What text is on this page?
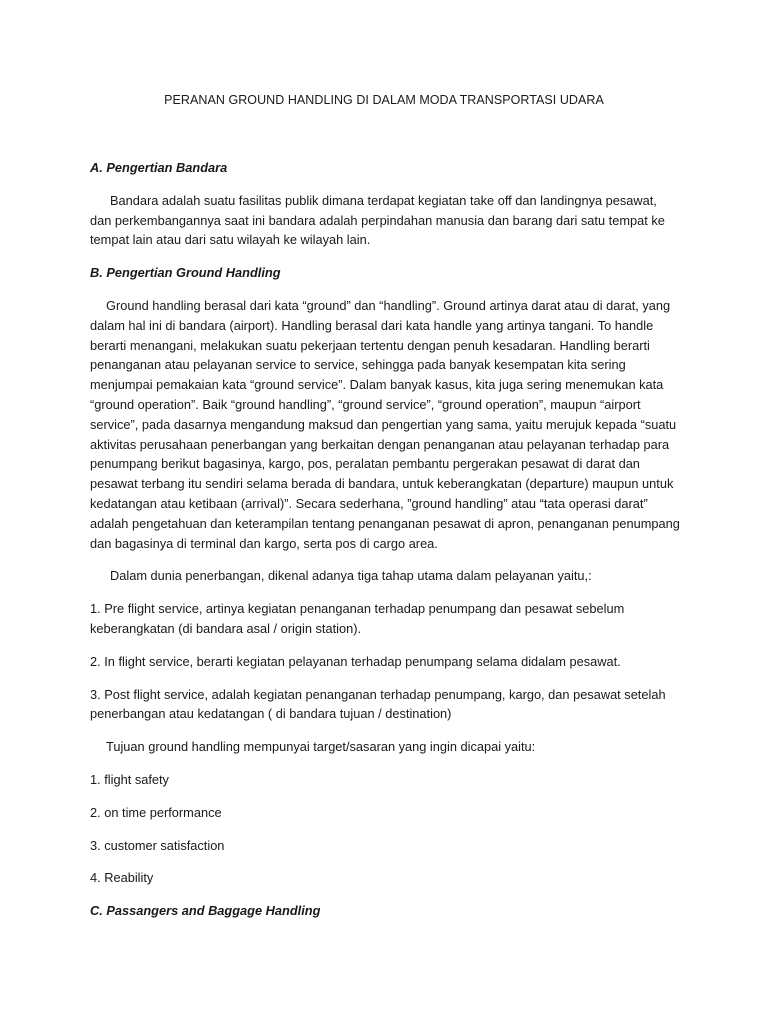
PERANAN GROUND HANDLING DI DALAM MODA TRANSPORTASI UDARA

A. Pengertian Bandara

Bandara adalah suatu fasilitas publik dimana terdapat kegiatan take off dan landingnya pesawat, dan perkembangannya saat ini bandara adalah perpindahan manusia dan barang dari satu tempat ke tempat lain atau dari satu wilayah ke wilayah lain.

B. Pengertian Ground Handling

Ground handling berasal dari kata “ground” dan “handling”. Ground artinya darat atau di darat, yang dalam hal ini di bandara (airport). Handling berasal dari kata handle yang artinya tangani. To handle berarti menangani, melakukan suatu pekerjaan tertentu dengan penuh kesadaran. Handling berarti penanganan atau pelayanan service to service, sehingga pada banyak kesempatan kita sering menjumpai pemakaian kata “ground service”. Dalam banyak kasus, kita juga sering menemukan kata “ground operation”. Baik “ground handling”, “ground service”, “ground operation”, maupun “airport service”, pada dasarnya mengandung maksud dan pengertian yang sama, yaitu merujuk kepada “suatu aktivitas perusahaan penerbangan yang berkaitan dengan penanganan atau pelayanan terhadap para penumpang berikut bagasinya, kargo, pos, peralatan pembantu pergerakan pesawat di darat dan pesawat terbang itu sendiri selama berada di bandara, untuk keberangkatan (departure) maupun untuk kedatangan atau ketibaan (arrival)”. Secara sederhana, ”ground handling” atau “tata operasi darat” adalah pengetahuan dan keterampilan tentang penanganan pesawat di apron, penanganan penumpang dan bagasinya di terminal dan kargo, serta pos di cargo area.

Dalam dunia penerbangan, dikenal adanya tiga tahap utama dalam pelayanan yaitu,:

1. Pre flight service, artinya kegiatan penanganan terhadap penumpang dan pesawat sebelum keberangkatan (di bandara asal / origin station).

2. In flight service, berarti kegiatan pelayanan terhadap penumpang selama didalam pesawat.

3. Post flight service, adalah kegiatan penanganan terhadap penumpang, kargo, dan pesawat setelah penerbangan atau kedatangan ( di bandara tujuan / destination)

Tujuan ground handling mempunyai target/sasaran yang ingin dicapai yaitu:

1. flight safety

2. on time performance

3. customer satisfaction

4. Reability

C. Passangers and Baggage Handling
